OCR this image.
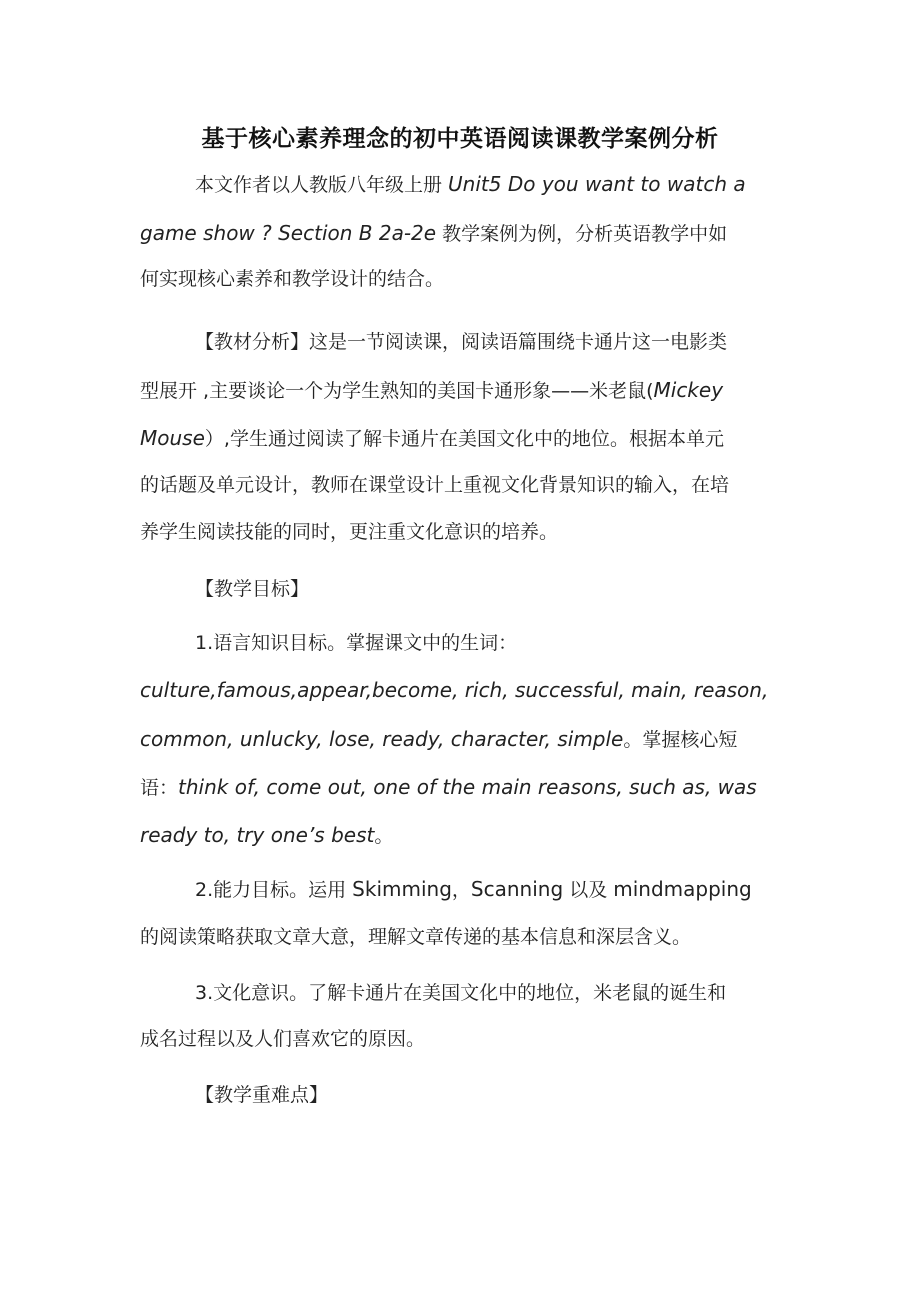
基于核心素养理念的初中英语阅读课教学案例分析
本文作者以人教版八年级上册 Unit5 Do you want to watch a
game show ? Section B 2a-2e 教学案例为例，分析英语教学中如
何实现核心素养和教学设计的结合。
【教材分析】这是一节阅读课，阅读语篇围绕卡通片这一电影类
型展开 ,主要谈论一个为学生熟知的美国卡通形象——米老鼠(Mickey
Mouse）,学生通过阅读了解卡通片在美国文化中的地位。根据本单元
的话题及单元设计，教师在课堂设计上重视文化背景知识的输入，在培
养学生阅读技能的同时，更注重文化意识的培养。
【教学目标】
1.语言知识目标。掌握课文中的生词：
culture,famous,appear,become, rich, successful, main, reason,
common, unlucky, lose, ready, character, simple。掌握核心短
语：think of, come out, one of the main reasons, such as, was
ready to, try one’s best。
2.能力目标。运用 Skimming，Scanning 以及 mindmapping
的阅读策略获取文章大意，理解文章传递的基本信息和深层含义。
3.文化意识。了解卡通片在美国文化中的地位，米老鼠的诞生和
成名过程以及人们喜欢它的原因。
【教学重难点】
